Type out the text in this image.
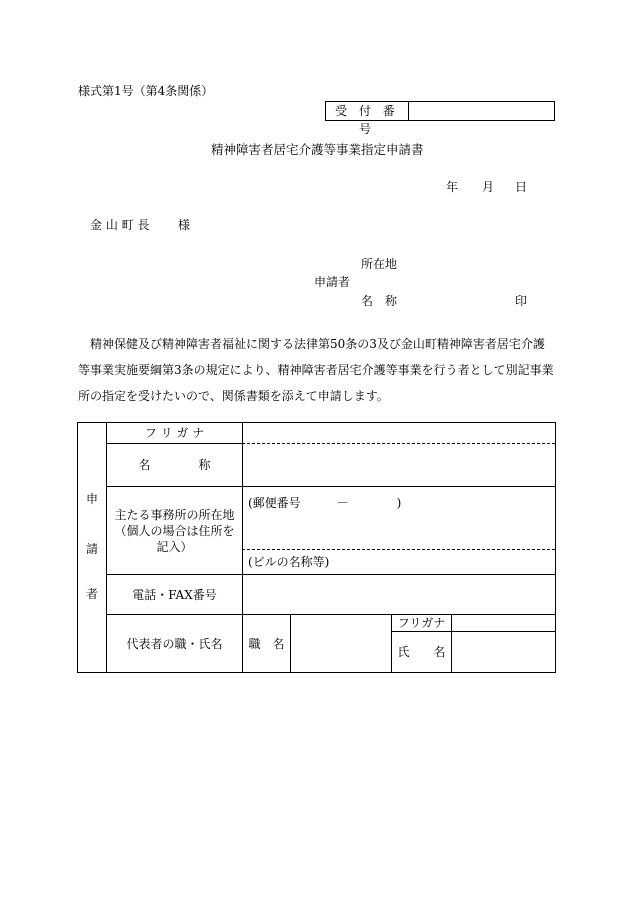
様式第1号（第4条関係）
受 付 番 号
精神障害者居宅介護等事業指定申請書
年 月 日
金 山 町 長 様
所在地
申請者
名　称	印
精神保健及び精神障害者福祉に関する法律第50条の3及び金山町精神障害者居宅介護等事業実施要綱第3条の規定により、精神障害者居宅介護等事業を行う者として別記事業所の指定を受けたいので、関係書類を添えて申請します。
申
請
者
フ リ ガ ナ
名　　　　称
主たる事務所の所在地（個人の場合は住所を記入）
電話・FAX番号
代表者の職・氏名
(郵便番号　　　－　　　　)
(ビルの名称等)
職　名
フリガナ
氏　　名
